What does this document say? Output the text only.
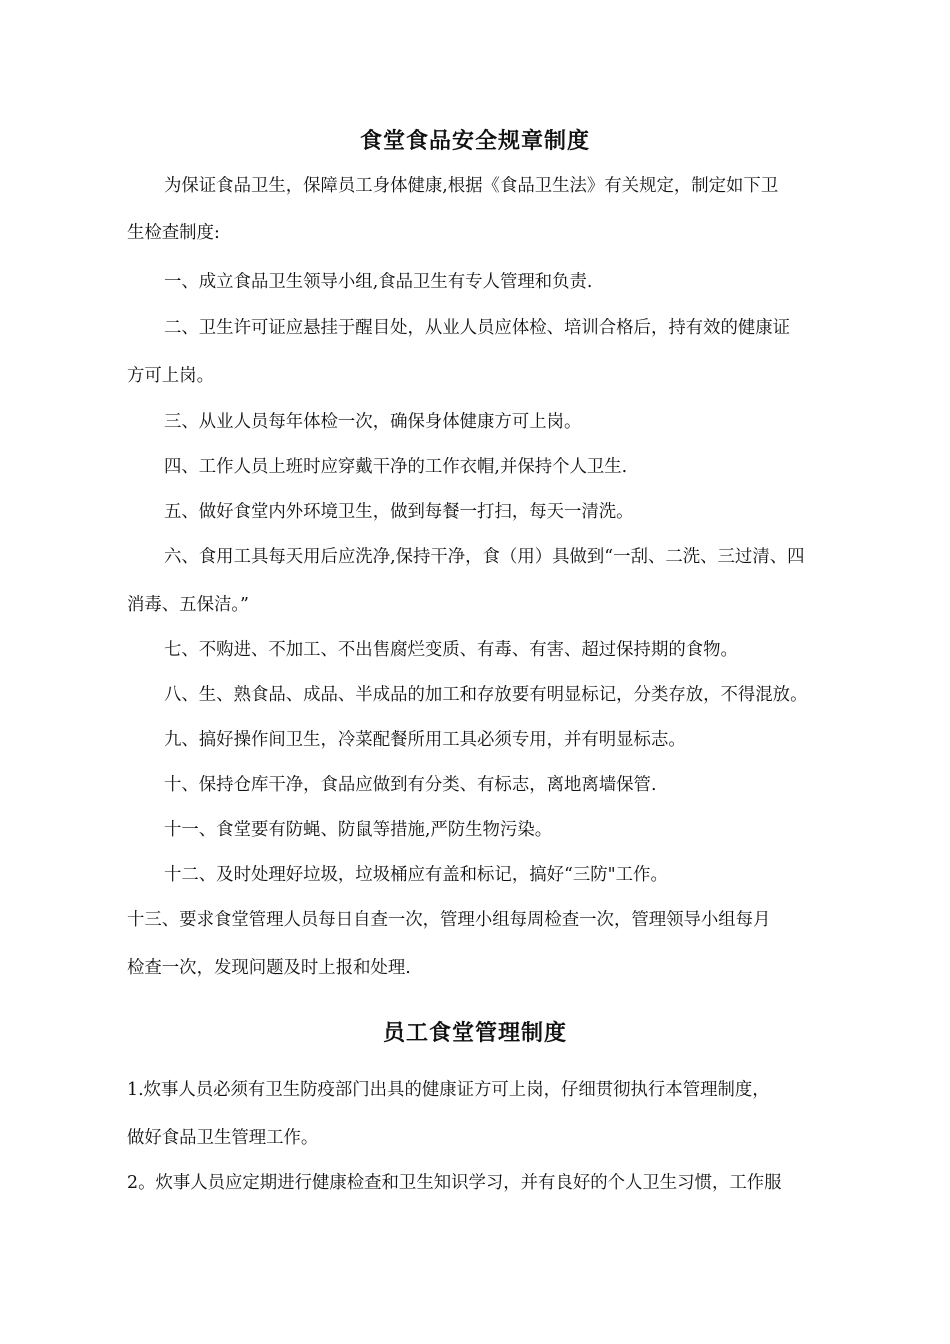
食堂食品安全规章制度
为保证食品卫生，保障员工身体健康,根据《食品卫生法》有关规定，制定如下卫
生检查制度:
一、成立食品卫生领导小组,食品卫生有专人管理和负责.
二、卫生许可证应悬挂于醒目处，从业人员应体检、培训合格后，持有效的健康证
方可上岗。
三、从业人员每年体检一次，确保身体健康方可上岗。
四、工作人员上班时应穿戴干净的工作衣帽,并保持个人卫生.
五、做好食堂内外环境卫生，做到每餐一打扫，每天一清洗。
六、食用工具每天用后应洗净,保持干净，食（用）具做到“一刮、二洗、三过清、四
消毒、五保洁。”
七、不购进、不加工、不出售腐烂变质、有毒、有害、超过保持期的食物。
八、生、熟食品、成品、半成品的加工和存放要有明显标记，分类存放，不得混放。
九、搞好操作间卫生，冷菜配餐所用工具必须专用，并有明显标志。
十、保持仓库干净，食品应做到有分类、有标志，离地离墙保管.
十一、食堂要有防蝇、防鼠等措施,严防生物污染。
十二、及时处理好垃圾，垃圾桶应有盖和标记，搞好“三防"工作。
十三、要求食堂管理人员每日自查一次，管理小组每周检查一次，管理领导小组每月
检查一次，发现问题及时上报和处理.
员工食堂管理制度
1.炊事人员必须有卫生防疫部门出具的健康证方可上岗，仔细贯彻执行本管理制度，
做好食品卫生管理工作。
2。炊事人员应定期进行健康检查和卫生知识学习，并有良好的个人卫生习惯，工作服
